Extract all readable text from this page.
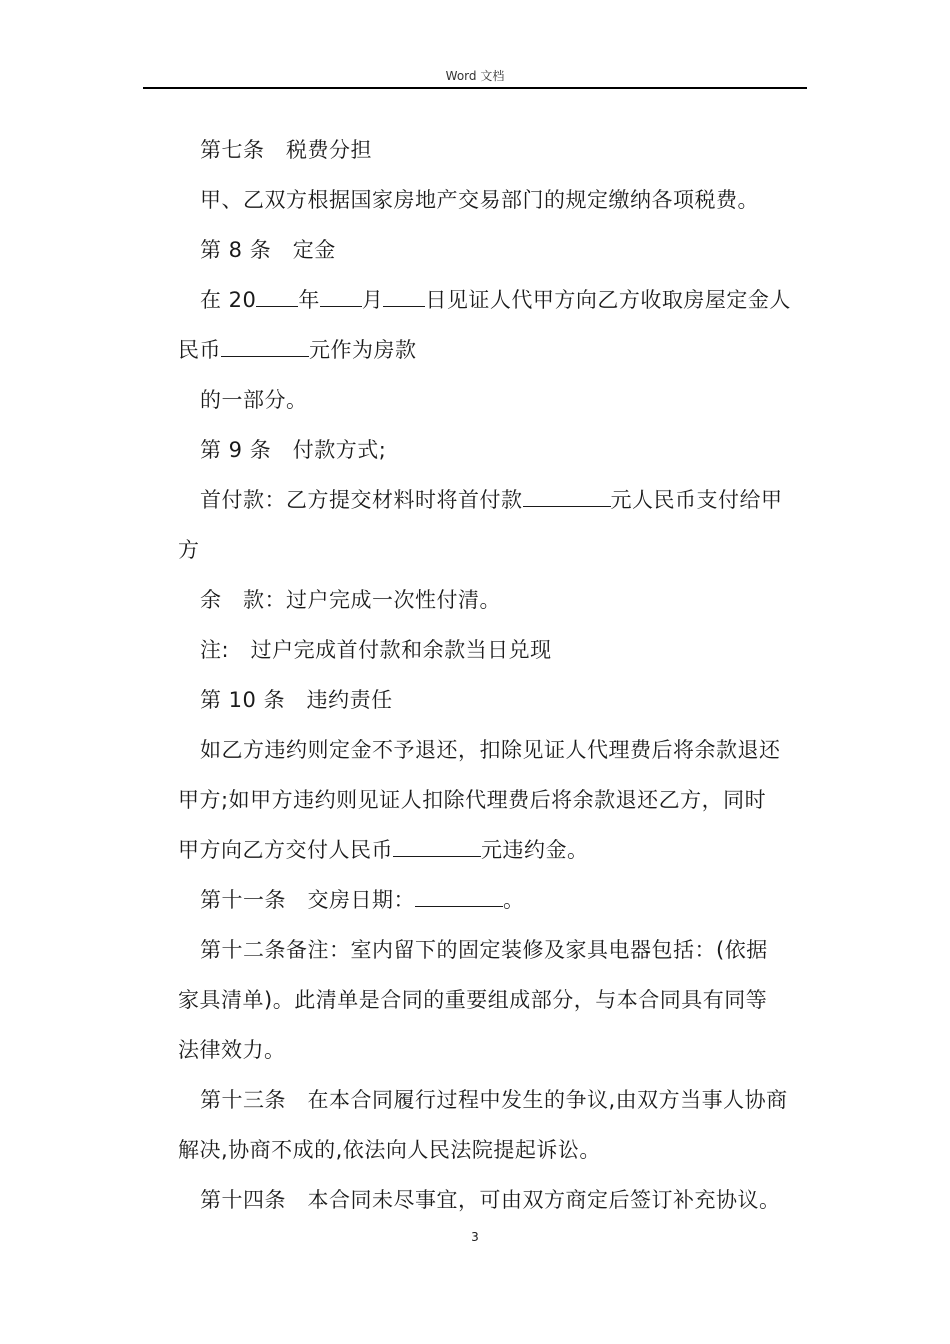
Word 文档
第七条　税费分担
甲、乙双方根据国家房地产交易部门的规定缴纳各项税费。
第 8 条　定金
在 20 年 月 日见证人代甲方向乙方收取房屋定金人
民币	元作为房款
的一部分。
第 9 条　付款方式;
首付款：乙方提交材料时将首付款	元人民币支付给甲
方
余　款：过户完成一次性付清。
注:　过户完成首付款和余款当日兑现
第 10 条　违约责任
如乙方违约则定金不予退还，扣除见证人代理费后将余款退还
甲方;如甲方违约则见证人扣除代理费后将余款退还乙方，同时
甲方向乙方交付人民币	元违约金。
第十一条　交房日期：	。
第十二条备注：室内留下的固定装修及家具电器包括：(依据
家具清单)。此清单是合同的重要组成部分，与本合同具有同等
法律效力。
第十三条　在本合同履行过程中发生的争议,由双方当事人协商
解决,协商不成的,依法向人民法院提起诉讼。
第十四条　本合同未尽事宜，可由双方商定后签订补充协议。
3
